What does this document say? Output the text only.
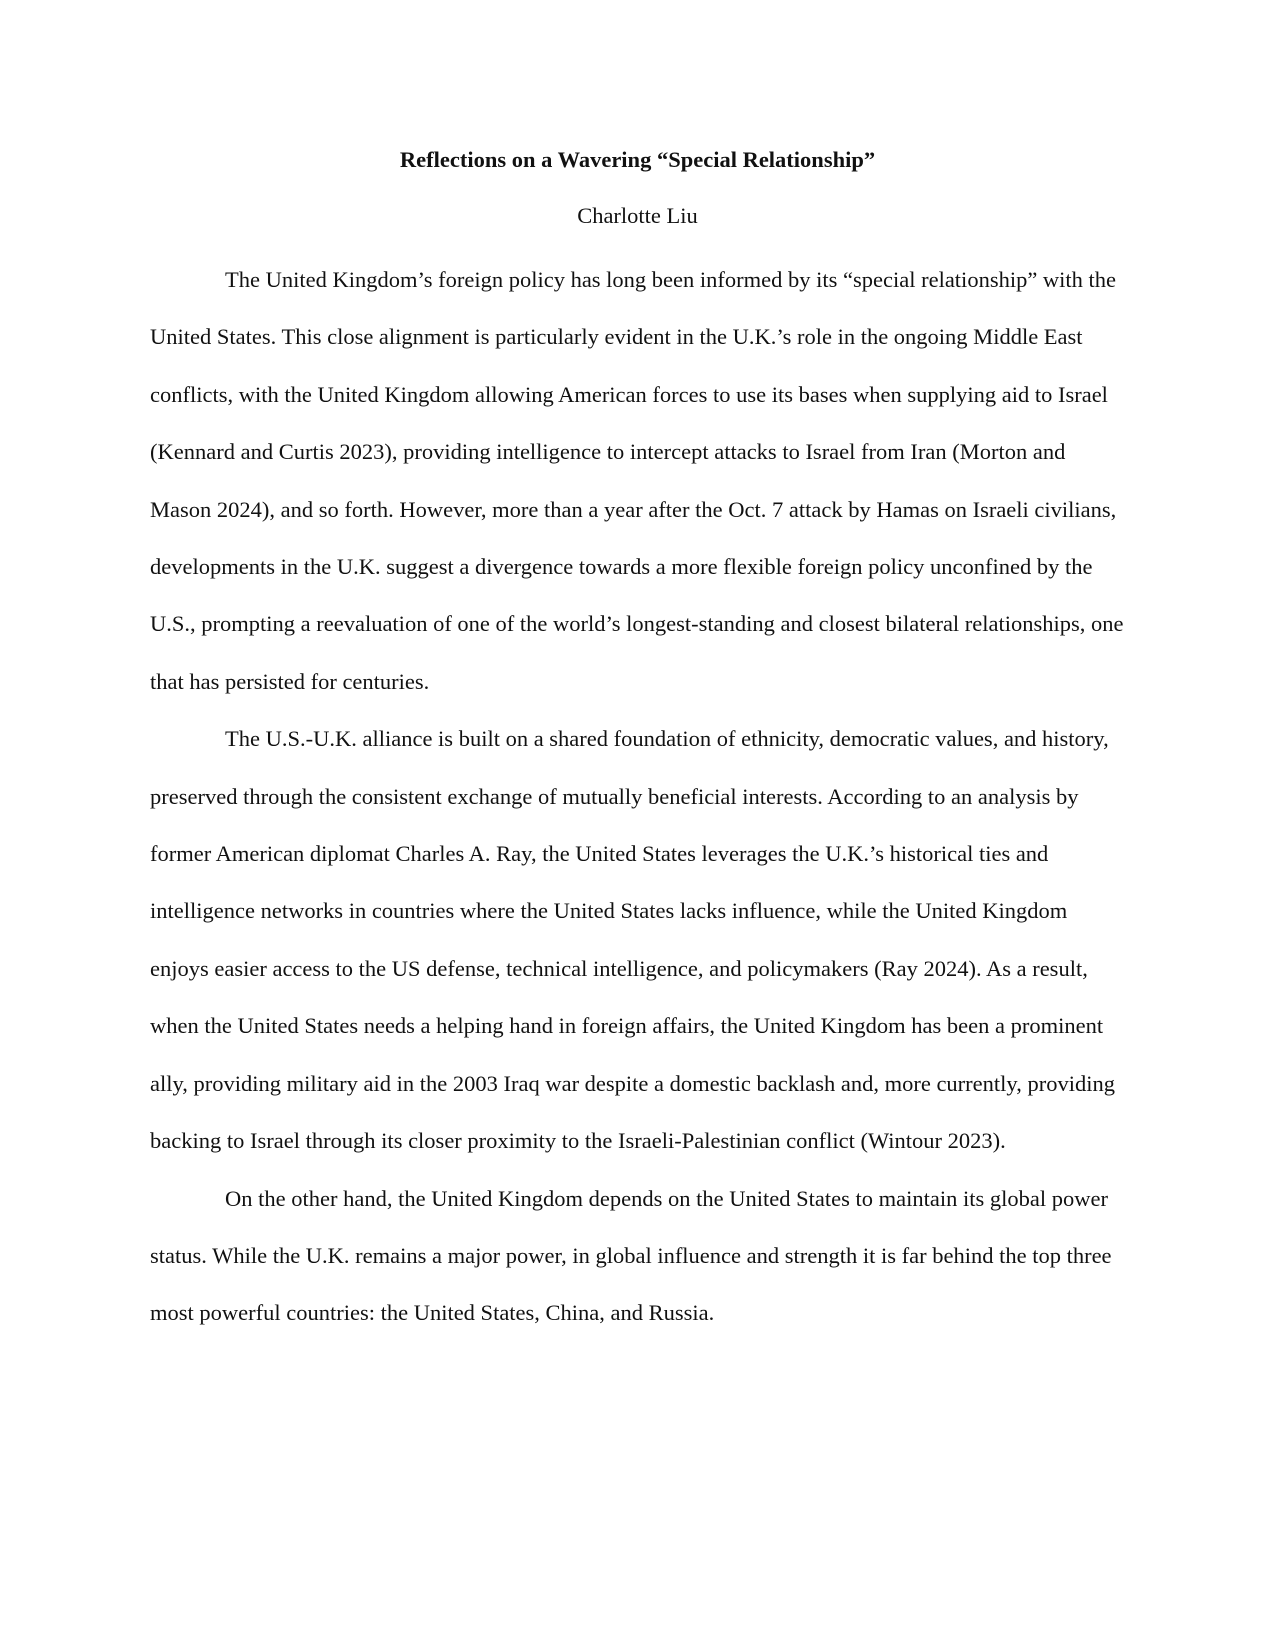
Reflections on a Wavering “Special Relationship”
Charlotte Liu

The United Kingdom’s foreign policy has long been informed by its “special relationship” with the United States. This close alignment is particularly evident in the U.K.’s role in the ongoing Middle East conflicts, with the United Kingdom allowing American forces to use its bases when supplying aid to Israel (Kennard and Curtis 2023), providing intelligence to intercept attacks to Israel from Iran (Morton and Mason 2024), and so forth. However, more than a year after the Oct. 7 attack by Hamas on Israeli civilians, developments in the U.K. suggest a divergence towards a more flexible foreign policy unconfined by the U.S., prompting a reevaluation of one of the world’s longest-standing and closest bilateral relationships, one that has persisted for centuries.

The U.S.-U.K. alliance is built on a shared foundation of ethnicity, democratic values, and history, preserved through the consistent exchange of mutually beneficial interests. According to an analysis by former American diplomat Charles A. Ray, the United States leverages the U.K.’s historical ties and intelligence networks in countries where the United States lacks influence, while the United Kingdom enjoys easier access to the US defense, technical intelligence, and policymakers (Ray 2024). As a result, when the United States needs a helping hand in foreign affairs, the United Kingdom has been a prominent ally, providing military aid in the 2003 Iraq war despite a domestic backlash and, more currently, providing backing to Israel through its closer proximity to the Israeli-Palestinian conflict (Wintour 2023).

On the other hand, the United Kingdom depends on the United States to maintain its global power status. While the U.K. remains a major power, in global influence and strength it is far behind the top three most powerful countries: the United States, China, and Russia.
